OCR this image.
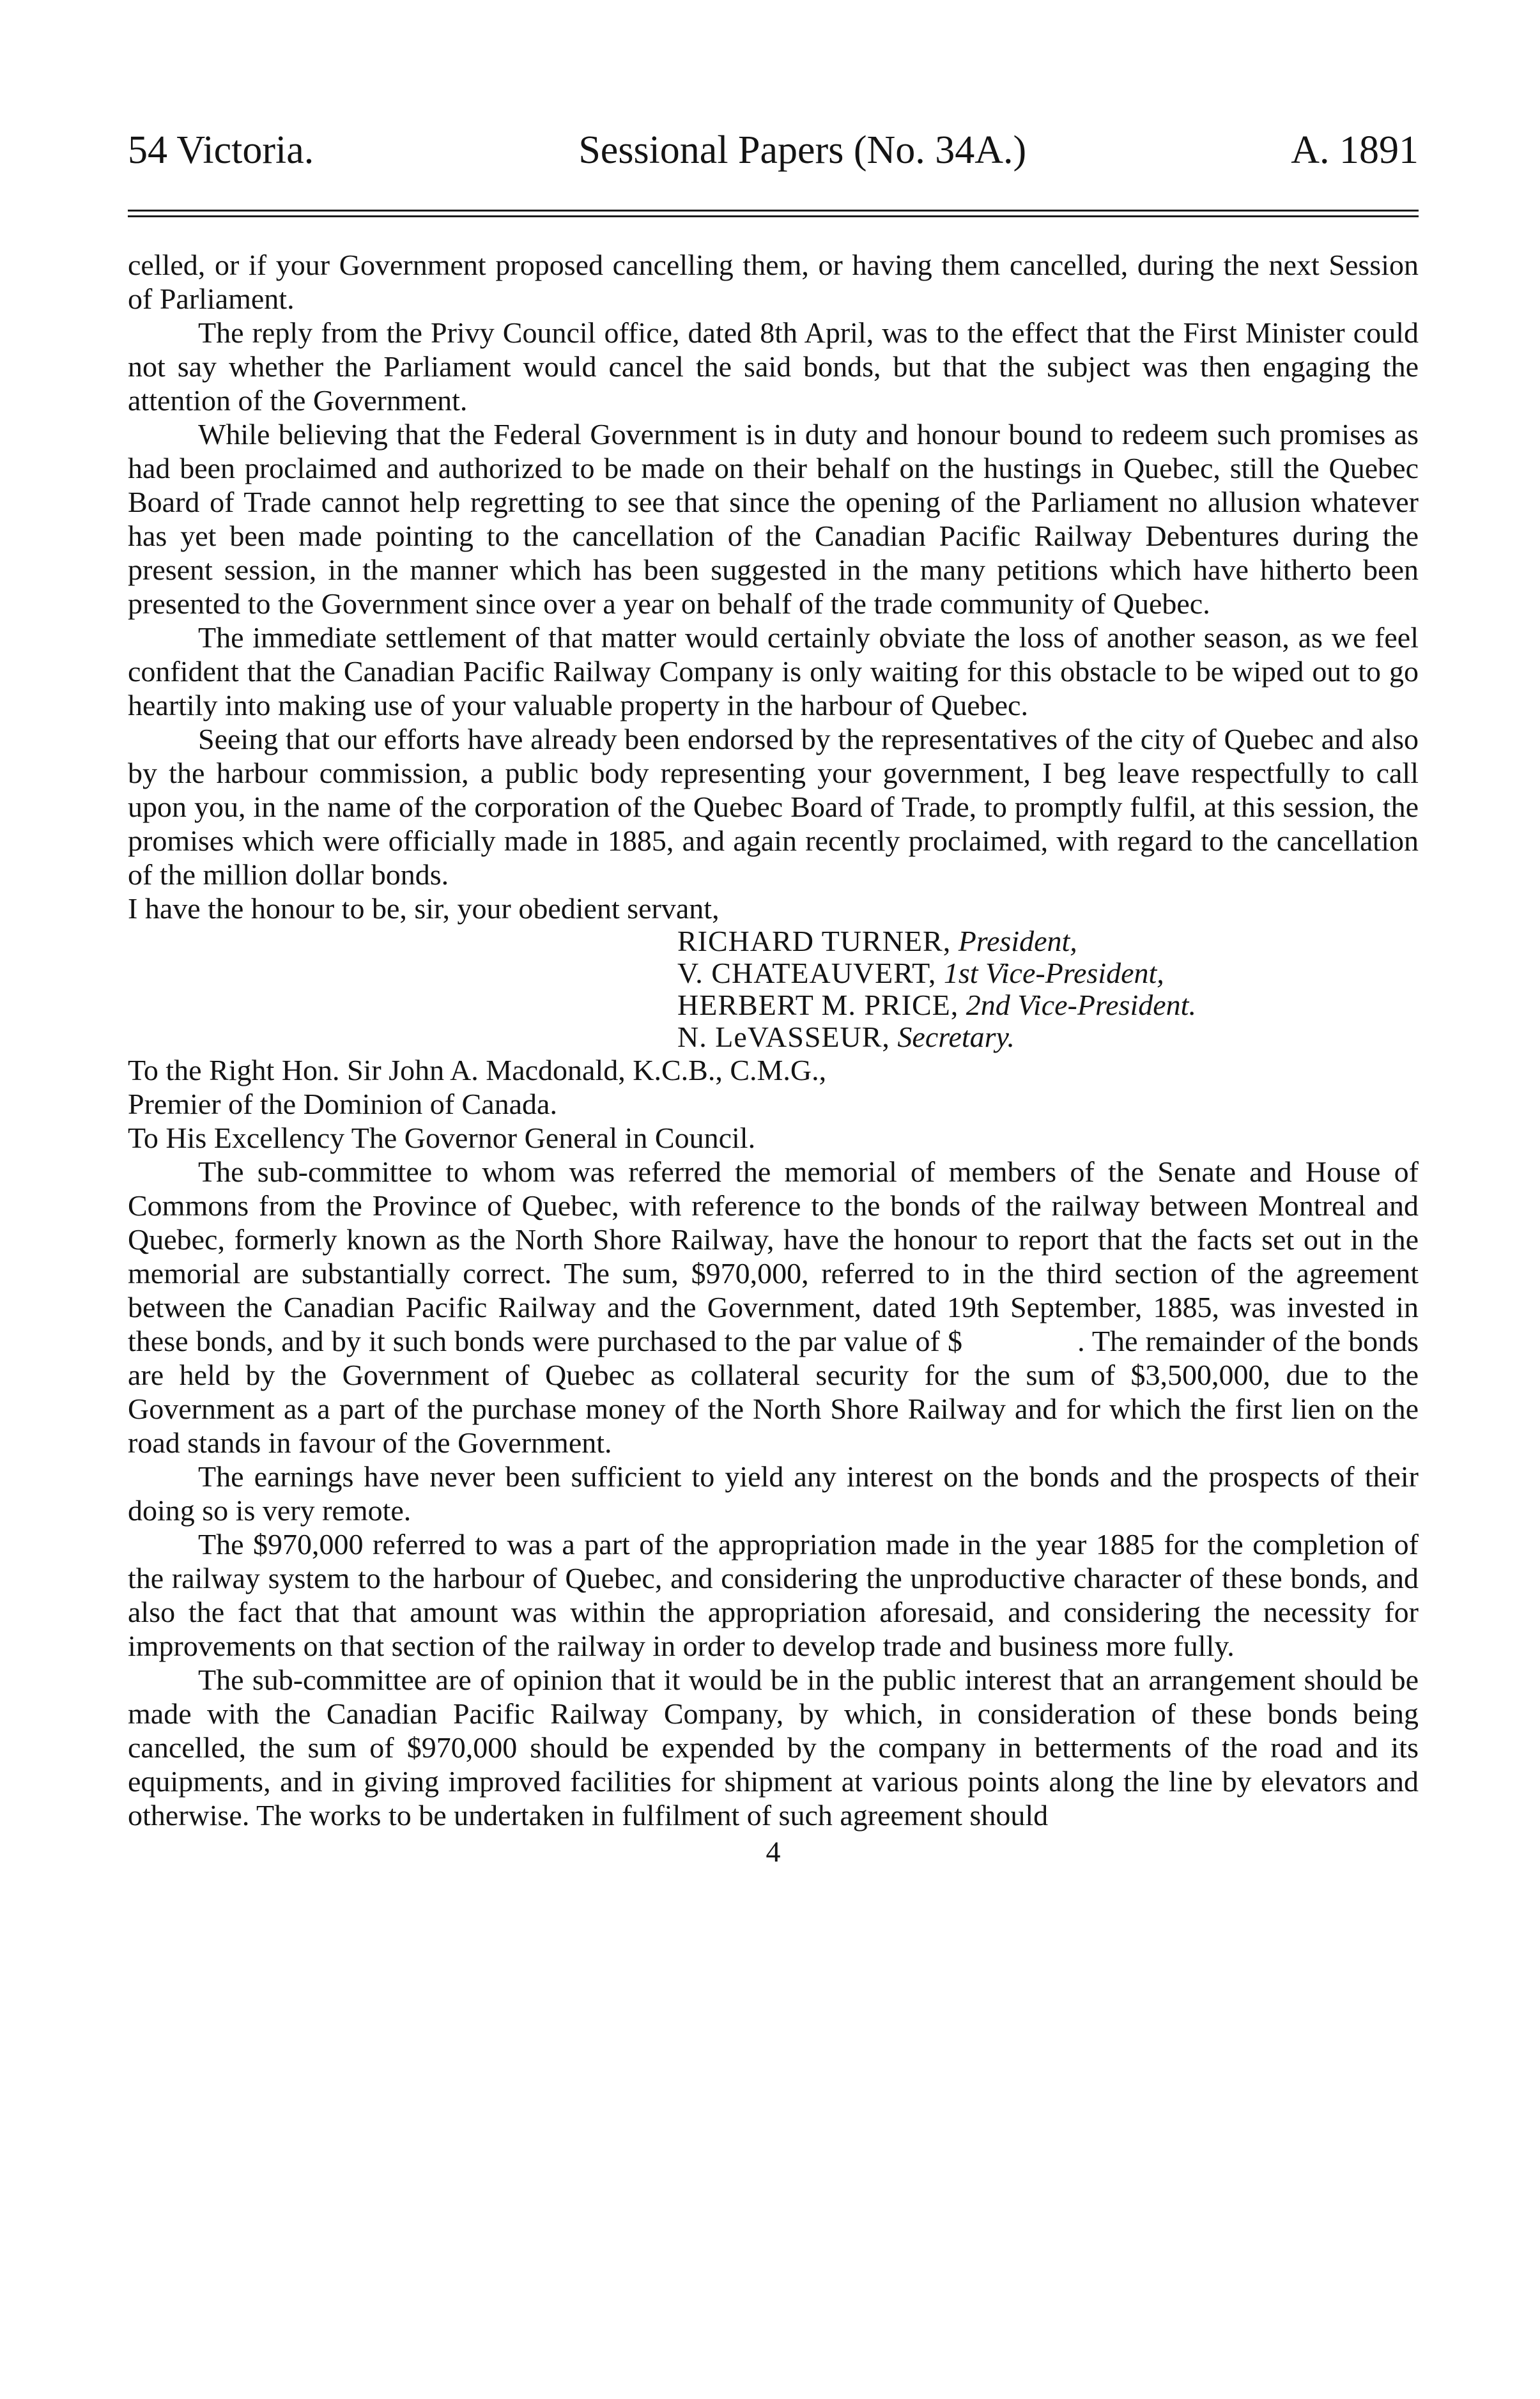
54 Victoria.	Sessional Papers (No. 34A.)	A. 1891

celled, or if your Government proposed cancelling them, or having them cancelled, during the next Session of Parliament.

The reply from the Privy Council office, dated 8th April, was to the effect that the First Minister could not say whether the Parliament would cancel the said bonds, but that the subject was then engaging the attention of the Government.

While believing that the Federal Government is in duty and honour bound to redeem such promises as had been proclaimed and authorized to be made on their behalf on the hustings in Quebec, still the Quebec Board of Trade cannot help regretting to see that since the opening of the Parliament no allusion whatever has yet been made pointing to the cancellation of the Canadian Pacific Railway Debentures during the present session, in the manner which has been suggested in the many petitions which have hitherto been presented to the Government since over a year on behalf of the trade community of Quebec.

The immediate settlement of that matter would certainly obviate the loss of another season, as we feel confident that the Canadian Pacific Railway Company is only waiting for this obstacle to be wiped out to go heartily into making use of your valuable property in the harbour of Quebec.

Seeing that our efforts have already been endorsed by the representatives of the city of Quebec and also by the harbour commission, a public body representing your government, I beg leave respectfully to call upon you, in the name of the corporation of the Quebec Board of Trade, to promptly fulfil, at this session, the promises which were officially made in 1885, and again recently proclaimed, with regard to the cancellation of the million dollar bonds.

I have the honour to be, sir, your obedient servant,

RICHARD TURNER, President,
V. CHATEAUVERT, 1st Vice-President,
HERBERT M. PRICE, 2nd Vice-President.
N. LeVASSEUR, Secretary.

To the Right Hon. Sir John A. Macdonald, K.C.B., C.M.G.,

Premier of the Dominion of Canada.

To His Excellency The Governor General in Council.

The sub-committee to whom was referred the memorial of members of the Senate and House of Commons from the Province of Quebec, with reference to the bonds of the railway between Montreal and Quebec, formerly known as the North Shore Railway, have the honour to report that the facts set out in the memorial are substantially correct. The sum, $970,000, referred to in the third section of the agreement between the Canadian Pacific Railway and the Government, dated 19th September, 1885, was invested in these bonds, and by it such bonds were purchased to the par value of $	. The remainder of the bonds are held by the Government of Quebec as collateral security for the sum of $3,500,000, due to the Government as a part of the purchase money of the North Shore Railway and for which the first lien on the road stands in favour of the Government.

The earnings have never been sufficient to yield any interest on the bonds and the prospects of their doing so is very remote.

The $970,000 referred to was a part of the appropriation made in the year 1885 for the completion of the railway system to the harbour of Quebec, and considering the unproductive character of these bonds, and also the fact that that amount was within the appropriation aforesaid, and considering the necessity for improvements on that section of the railway in order to develop trade and business more fully.

The sub-committee are of opinion that it would be in the public interest that an arrangement should be made with the Canadian Pacific Railway Company, by which, in consideration of these bonds being cancelled, the sum of $970,000 should be expended by the company in betterments of the road and its equipments, and in giving improved facilities for shipment at various points along the line by elevators and otherwise. The works to be undertaken in fulfilment of such agreement should

4
